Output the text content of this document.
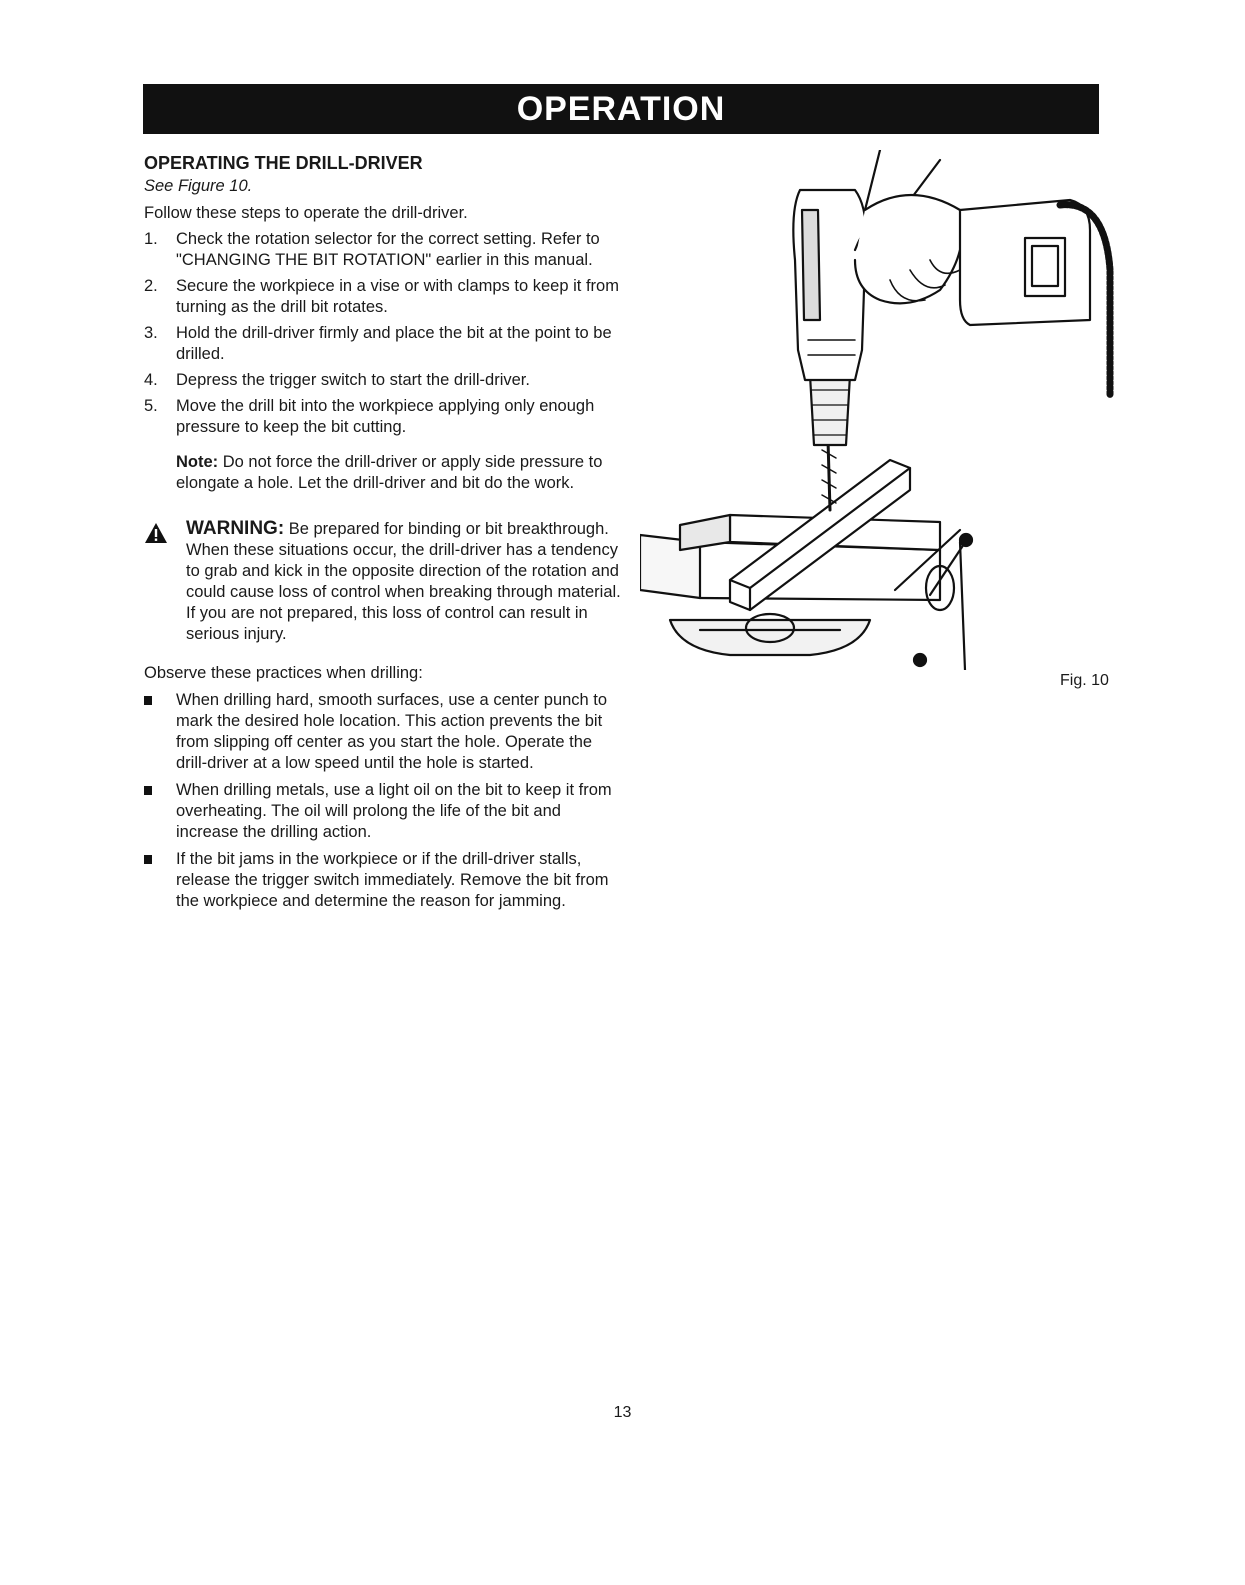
OPERATION
OPERATING THE DRILL-DRIVER

See Figure 10.

Follow these steps to operate the drill-driver.

1. Check the rotation selector for the correct setting. Refer to "CHANGING THE BIT ROTATION" earlier in this manual.
2. Secure the workpiece in a vise or with clamps to keep it from turning as the drill bit rotates.
3. Hold the drill-driver firmly and place the bit at the point to be drilled.
4. Depress the trigger switch to start the drill-driver.
5. Move the drill bit into the workpiece applying only enough pressure to keep the bit cutting.

Note: Do not force the drill-driver or apply side pressure to elongate a hole. Let the drill-driver and bit do the work.

WARNING: Be prepared for binding or bit breakthrough. When these situations occur, the drill-driver has a tendency to grab and kick in the opposite direction of the rotation and could cause loss of control when breaking through material. If you are not prepared, this loss of control can result in serious injury.

Observe these practices when drilling:

When drilling hard, smooth surfaces, use a center punch to mark the desired hole location. This action prevents the bit from slipping off center as you start the hole. Operate the drill-driver at a low speed until the hole is started.
When drilling metals, use a light oil on the bit to keep it from overheating. The oil will prolong the life of the bit and increase the drilling action.
If the bit jams in the workpiece or if the drill-driver stalls, release the trigger switch immediately. Remove the bit from the workpiece and determine the reason for jamming.
Fig. 10
13
